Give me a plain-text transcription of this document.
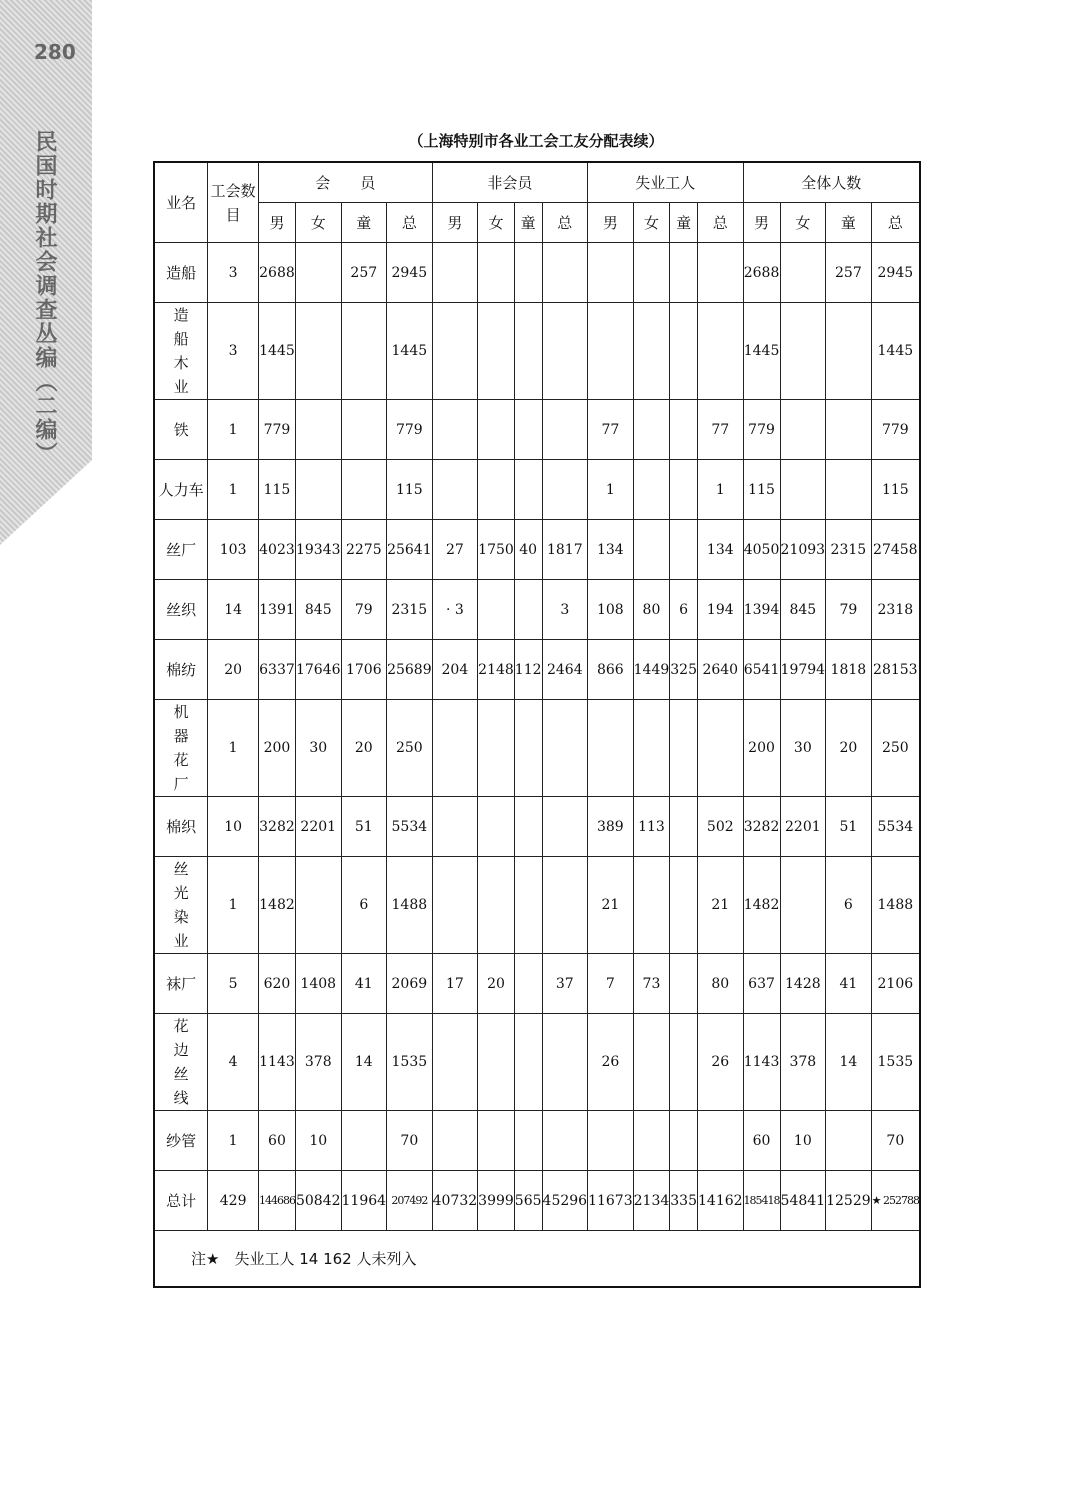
280
民国时期社会调查丛编（二编）	（上海特别市各业工会工友分配表续）
业名	工会数目	会　　员				非会员				失业工人				全体人数			
		男	女	童	总	男	女	童	总	男	女	童	总	男	女	童	总
造船	3	2688		257	2945									2688		257	2945
造船木业	3	1445			1445									1445			1445
铁	1	779			779					77			77	779			779
人力车	1	115			115					1			1	115			115
丝厂	103	4023	19343	2275	25641	27	1750	40	1817	134			134	4050	21093	2315	27458
丝织	14	1391	845	79	2315	· 3			3	108	80	6	194	1394	845	79	2318
棉纺	20	6337	17646	1706	25689	204	2148	112	2464	866	1449	325	2640	6541	19794	1818	28153
机器花厂	1	200	30	20	250									200	30	20	250
棉织	10	3282	2201	51	5534					389	113		502	3282	2201	51	5534
丝光染业	1	1482		6	1488					21			21	1482		6	1488
袜厂	5	620	1408	41	2069	17	20		37	7	73		80	637	1428	41	2106
花边丝线	4	1143	378	14	1535					26			26	1143	378	14	1535
纱管	1	60	10		70									60	10		70
总计	429	144686	50842	11964	207492	40732	3999	565	45296	11673	2134	335	14162	185418	54841	12529	★ 252788
注★　失业工人 14 162 人未列入																	
